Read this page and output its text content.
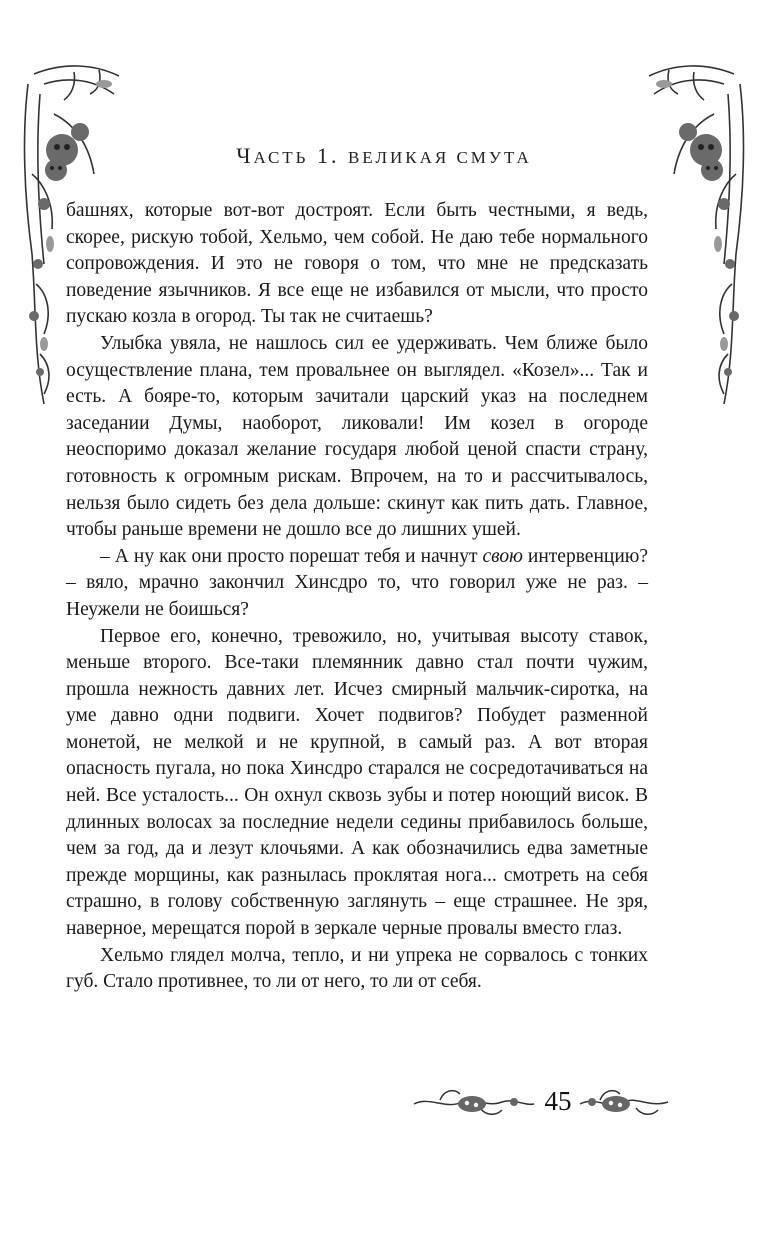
ЧАСТЬ 1. ВЕЛИКАЯ СМУТА

башнях, которые вот-вот достроят. Если быть честными, я ведь, скорее, рискую тобой, Хельмо, чем собой. Не даю тебе нормального сопровождения. И это не говоря о том, что мне не предсказать поведение язычников. Я все еще не избавился от мысли, что просто пускаю козла в огород. Ты так не считаешь?

Улыбка увяла, не нашлось сил ее удерживать. Чем ближе было осуществление плана, тем провальнее он выглядел. «Козел»... Так и есть. А бояре-то, которым зачитали царский указ на последнем заседании Думы, наоборот, ликовали! Им козел в огороде неоспоримо доказал желание государя любой ценой спасти страну, готовность к огромным рискам. Впрочем, на то и рассчитывалось, нельзя было сидеть без дела дольше: скинут как пить дать. Главное, чтобы раньше времени не дошло все до лишних ушей.

– А ну как они просто порешат тебя и начнут свою интервенцию? – вяло, мрачно закончил Хинсдро то, что говорил уже не раз. – Неужели не боишься?

Первое его, конечно, тревожило, но, учитывая высоту ставок, меньше второго. Все-таки племянник давно стал почти чужим, прошла нежность давних лет. Исчез смирный мальчик-сиротка, на уме давно одни подвиги. Хочет подвигов? Побудет разменной монетой, не мелкой и не крупной, в самый раз. А вот вторая опасность пугала, но пока Хинсдро старался не сосредотачиваться на ней. Все усталость... Он охнул сквозь зубы и потер ноющий висок. В длинных волосах за последние недели седины прибавилось больше, чем за год, да и лезут клочьями. А как обозначились едва заметные прежде морщины, как разнылась проклятая нога... смотреть на себя страшно, в голову собственную заглянуть – еще страшнее. Не зря, наверное, мерещатся порой в зеркале черные провалы вместо глаз.

Хельмо глядел молча, тепло, и ни упрека не сорвалось с тонких губ. Стало противнее, то ли от него, то ли от себя.

45
